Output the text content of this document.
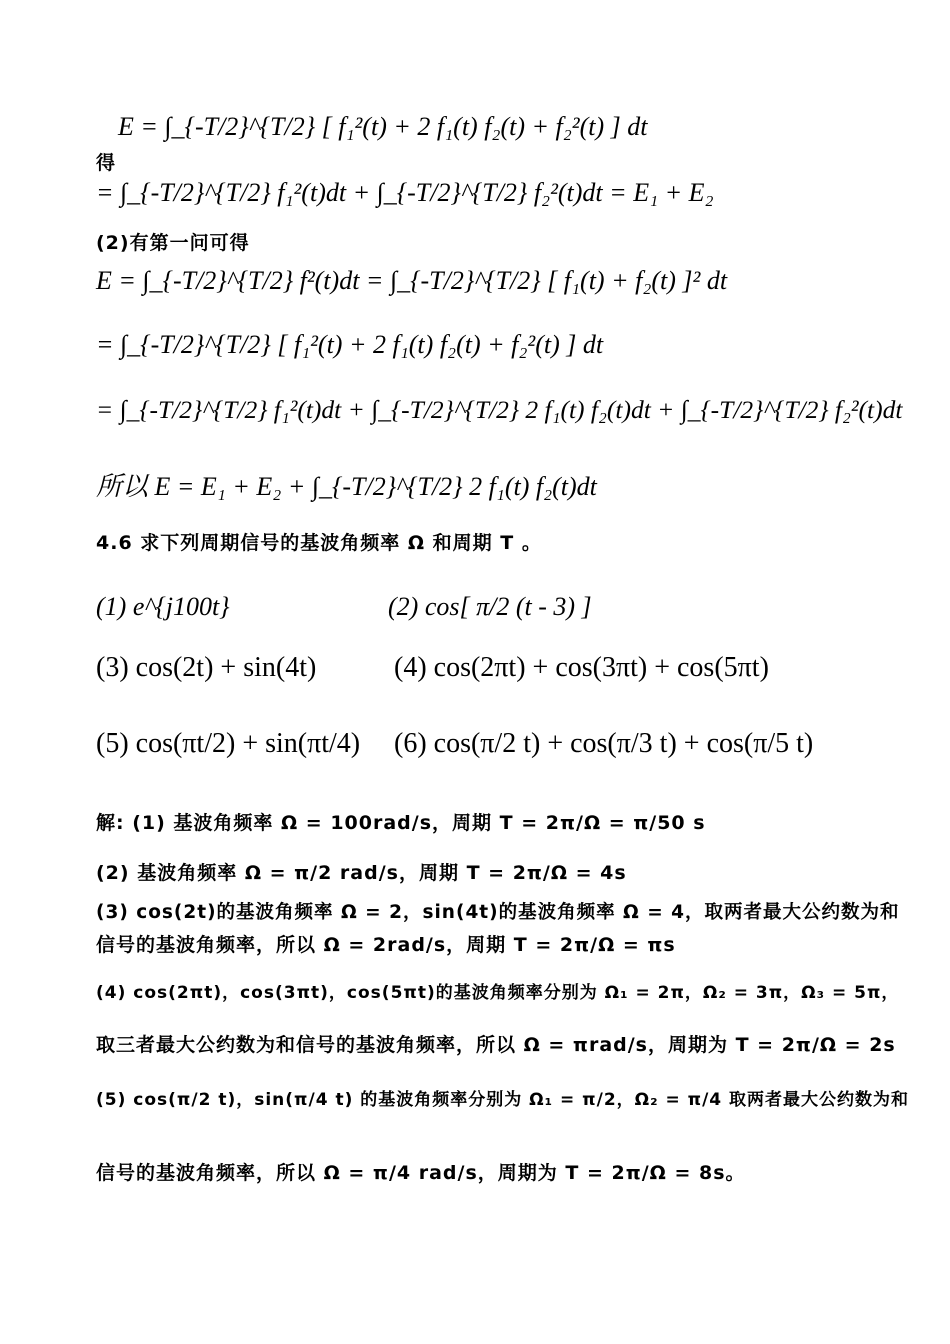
E = ∫_{-T/2}^{T/2} [ f₁²(t) + 2 f₁(t) f₂(t) + f₂²(t) ] dt
得
= ∫_{-T/2}^{T/2} f₁²(t)dt + ∫_{-T/2}^{T/2} f₂²(t)dt = E₁ + E₂
(2)有第一问可得
E = ∫_{-T/2}^{T/2} f²(t)dt = ∫_{-T/2}^{T/2} [ f₁(t) + f₂(t) ]² dt
= ∫_{-T/2}^{T/2} [ f₁²(t) + 2 f₁(t) f₂(t) + f₂²(t) ] dt
= ∫_{-T/2}^{T/2} f₁²(t)dt + ∫_{-T/2}^{T/2} 2 f₁(t) f₂(t)dt + ∫_{-T/2}^{T/2} f₂²(t)dt
所以 E = E₁ + E₂ + ∫_{-T/2}^{T/2} 2 f₁(t) f₂(t)dt
4.6 求下列周期信号的基波角频率 Ω 和周期 T 。
(1) e^{j100t}	(2) cos[ π/2 (t - 3) ]
(3) cos(2t) + sin(4t)	(4) cos(2πt) + cos(3πt) + cos(5πt)
(5) cos(πt/2) + sin(πt/4) (6) cos(π/2 t) + cos(π/3 t) + cos(π/5 t)
解: (1) 基波角频率 Ω = 100rad/s，周期 T = 2π/Ω = π/50 s
(2) 基波角频率 Ω = π/2 rad/s，周期 T = 2π/Ω = 4s
(3) cos(2t)的基波角频率 Ω = 2，sin(4t)的基波角频率 Ω = 4，取两者最大公约数为和
信号的基波角频率，所以 Ω = 2rad/s，周期 T = 2π/Ω = πs
(4) cos(2πt)，cos(3πt)，cos(5πt)的基波角频率分别为 Ω₁ = 2π，Ω₂ = 3π，Ω₃ = 5π，
取三者最大公约数为和信号的基波角频率，所以 Ω = πrad/s，周期为 T = 2π/Ω = 2s
(5) cos(π/2 t)，sin(π/4 t) 的基波角频率分别为 Ω₁ = π/2，Ω₂ = π/4 取两者最大公约数为和
信号的基波角频率，所以 Ω = π/4 rad/s，周期为 T = 2π/Ω = 8s。
